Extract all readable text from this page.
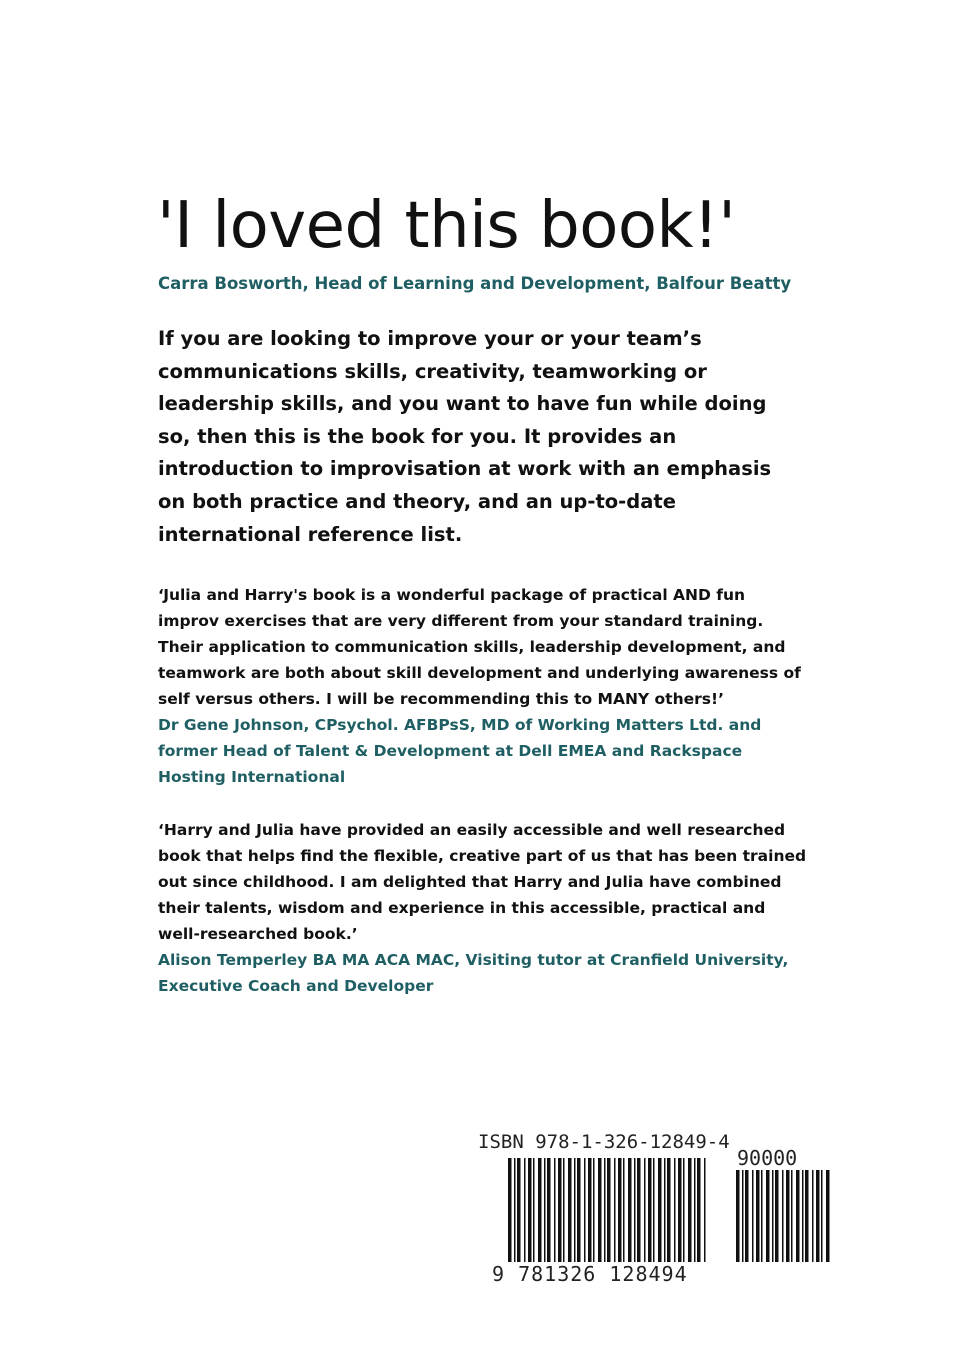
'I loved this book!'

Carra Bosworth, Head of Learning and Development, Balfour Beatty

If you are looking to improve your or your team’s communications skills, creativity, teamworking or leadership skills, and you want to have fun while doing so, then this is the book for you. It provides an introduction to improvisation at work with an emphasis on both practice and theory, and an up-to-date international reference list.

‘Julia and Harry's book is a wonderful package of practical AND fun improv exercises that are very different from your standard training. Their application to communication skills, leadership development, and teamwork are both about skill development and underlying awareness of self versus others. I will be recommending this to MANY others!’
Dr Gene Johnson, CPsychol. AFBPsS, MD of Working Matters Ltd. and former Head of Talent & Development at Dell EMEA and Rackspace Hosting International

‘Harry and Julia have provided an easily accessible and well researched book that helps find the flexible, creative part of us that has been trained out since childhood. I am delighted that Harry and Julia have combined their talents, wisdom and experience in this accessible, practical and well-researched book.’
Alison Temperley BA MA ACA MAC, Visiting tutor at Cranfield University, Executive Coach and Developer

ISBN 978-1-326-12849-4

90000

9 781326 128494
